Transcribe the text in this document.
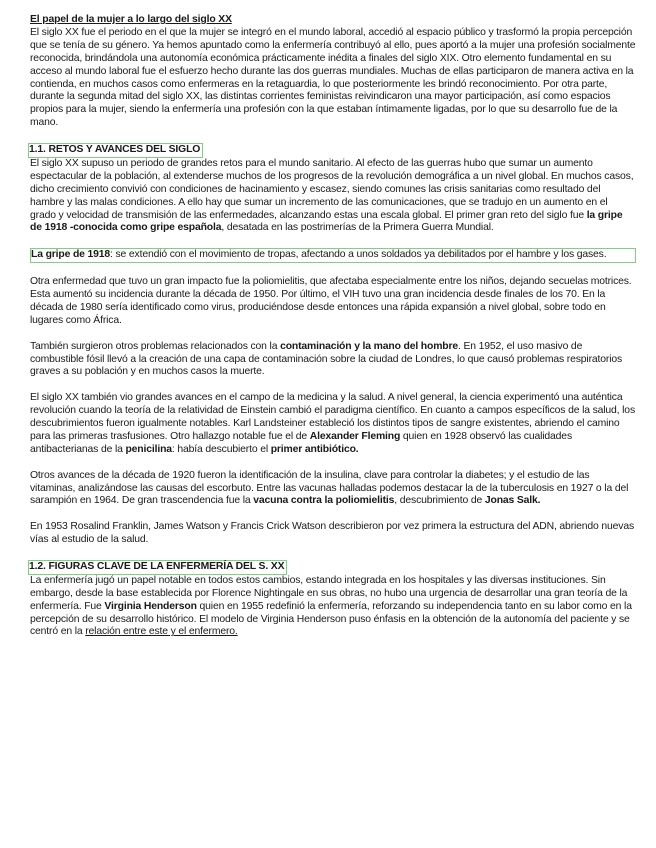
El papel de la mujer a lo largo del siglo XX

El siglo XX fue el periodo en el que la mujer se integró en el mundo laboral, accedió al espacio público y trasformó la propia percepción que se tenía de su género. Ya hemos apuntado como la enfermería contribuyó al ello, pues aportó a la mujer una profesión socialmente reconocida, brindándola una autonomía económica prácticamente inédita a finales del siglo XIX. Otro elemento fundamental en su acceso al mundo laboral fue el esfuerzo hecho durante las dos guerras mundiales. Muchas de ellas participaron de manera activa en la contienda, en muchos casos como enfermeras en la retaguardia, lo que posteriormente les brindó reconocimiento. Por otra parte, durante la segunda mitad del siglo XX, las distintas corrientes feministas reivindicaron una mayor participación, así como espacios propios para la mujer, siendo la enfermería una profesión con la que estaban íntimamente ligadas, por lo que su desarrollo fue de la mano.

1.1. RETOS Y AVANCES DEL SIGLO

El siglo XX supuso un periodo de grandes retos para el mundo sanitario. Al efecto de las guerras hubo que sumar un aumento espectacular de la población, al extenderse muchos de los progresos de la revolución demográfica a un nivel global. En muchos casos, dicho crecimiento convivió con condiciones de hacinamiento y escasez, siendo comunes las crisis sanitarias como resultado del hambre y las malas condiciones. A ello hay que sumar un incremento de las comunicaciones, que se tradujo en un aumento en el grado y velocidad de transmisión de las enfermedades, alcanzando estas una escala global. El primer gran reto del siglo fue la gripe de 1918 -conocida como gripe española, desatada en las postrimerías de la Primera Guerra Mundial.

La gripe de 1918: se extendió con el movimiento de tropas, afectando a unos soldados ya debilitados por el hambre y los gases.

Otra enfermedad que tuvo un gran impacto fue la poliomielitis, que afectaba especialmente entre los niños, dejando secuelas motrices. Esta aumentó su incidencia durante la década de 1950. Por último, el VIH tuvo una gran incidencia desde finales de los 70. En la década de 1980 sería identificado como virus, produciéndose desde entonces una rápida expansión a nivel global, sobre todo en lugares como África.

También surgieron otros problemas relacionados con la contaminación y la mano del hombre. En 1952, el uso masivo de combustible fósil llevó a la creación de una capa de contaminación sobre la ciudad de Londres, lo que causó problemas respiratorios graves a su población y en muchos casos la muerte.

El siglo XX también vio grandes avances en el campo de la medicina y la salud. A nivel general, la ciencia experimentó una auténtica revolución cuando la teoría de la relatividad de Einstein cambió el paradigma científico. En cuanto a campos específicos de la salud, los descubrimientos fueron igualmente notables. Karl Landsteiner estableció los distintos tipos de sangre existentes, abriendo el camino para las primeras trasfusiones. Otro hallazgo notable fue el de Alexander Fleming quien en 1928 observó las cualidades antibacterianas de la penicilina: había descubierto el primer antibiótico.

Otros avances de la década de 1920 fueron la identificación de la insulina, clave para controlar la diabetes; y el estudio de las vitaminas, analizándose las causas del escorbuto. Entre las vacunas halladas podemos destacar la de la tuberculosis en 1927 o la del sarampión en 1964. De gran trascendencia fue la vacuna contra la poliomielitis, descubrimiento de Jonas Salk.

En 1953 Rosalind Franklin, James Watson y Francis Crick Watson describieron por vez primera la estructura del ADN, abriendo nuevas vías al estudio de la salud.

1.2. FIGURAS CLAVE DE LA ENFERMERÍA DEL S. XX

La enfermería jugó un papel notable en todos estos cambios, estando integrada en los hospitales y las diversas instituciones. Sin embargo, desde la base establecida por Florence Nightingale en sus obras, no hubo una urgencia de desarrollar una gran teoría de la enfermería. Fue Virginia Henderson quien en 1955 redefinió la enfermería, reforzando su independencia tanto en su labor como en la percepción de su desarrollo histórico. El modelo de Virginia Henderson puso énfasis en la obtención de la autonomía del paciente y se centró en la relación entre este y el enfermero.
